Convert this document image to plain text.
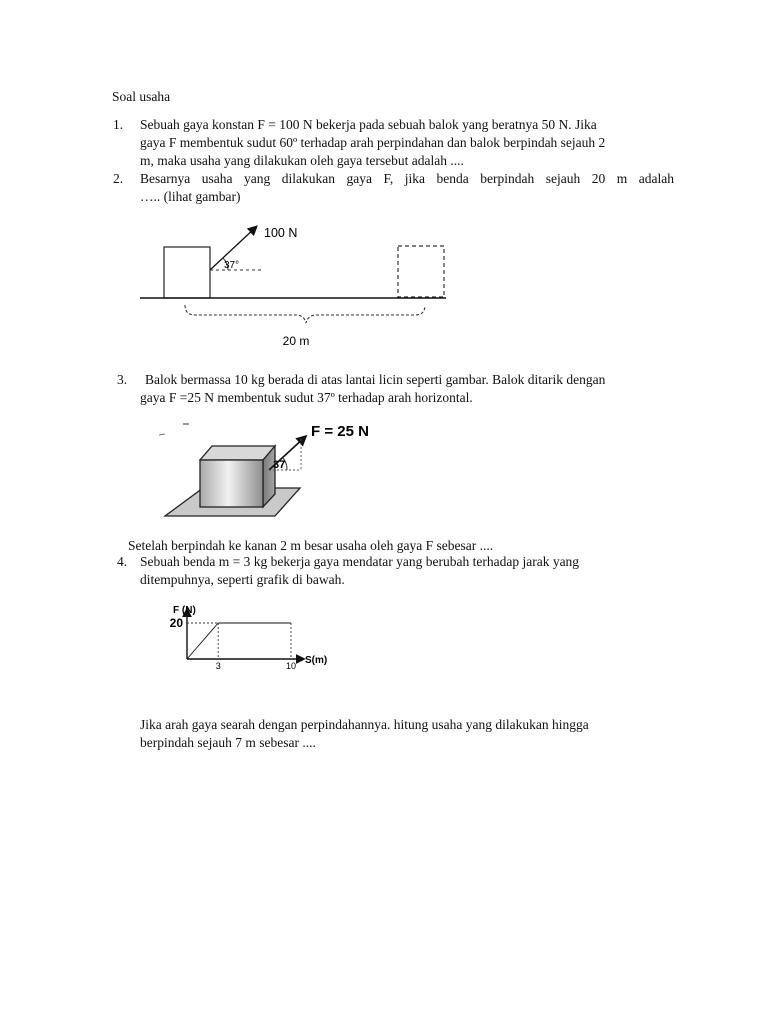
Soal usaha

1. Sebuah gaya konstan F = 100 N bekerja pada sebuah balok yang beratnya 50 N. Jika

gaya F membentuk sudut 60º terhadap arah perpindahan dan balok berpindah sejauh 2

m, maka usaha yang dilakukan oleh gaya tersebut adalah ....

2. Besarnya usaha yang dilakukan gaya F, jika benda berpindah sejauh 20 m adalah

….. (lihat gambar)

100 N
37°
20 m

3. Balok bermassa 10 kg berada di atas lantai licin seperti gambar. Balok ditarik dengan

gaya F =25 N membentuk sudut 37º terhadap arah horizontal.

37
F = 25 N

Setelah berpindah ke kanan 2 m besar usaha oleh gaya F sebesar ....

4. Sebuah benda m = 3 kg bekerja gaya mendatar yang berubah terhadap jarak yang

ditempuhnya, seperti grafik di bawah.

F (N)
S(m)
3	10
20

Jika arah gaya searah dengan perpindahannya. hitung usaha yang dilakukan hingga

berpindah sejauh 7 m sebesar ....
